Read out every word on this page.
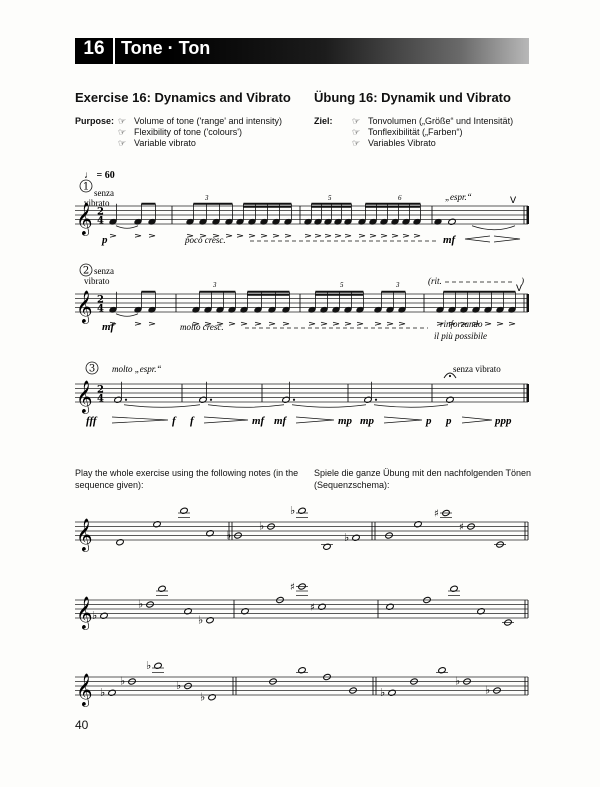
16 Tone · Ton
Exercise 16: Dynamics and Vibrato Übung 16: Dynamik und Vibrato
Purpose: ☞ Volume of tone ('range' and intensity)
☞ Flexibility of tone ('colours')
☞ Variable vibrato
Ziel: ☞ Tonvolumen („Größe“ und Intensität)
☞ Tonflexibilität („Farben“)
☞ Variables Vibrato
Play the whole exercise using the following notes (in the sequence given):
Spiele die ganze Übung mit den nachfolgenden Tönen (Sequenzschema):
♩ = 60
senza
vibrato	3	5	6	„espr.“
p	poco cresc.	mf
senza
vibrato	3	5	3	(rit.	)
mf	molto cresc.	rinforzando
il più possibile
molto „espr.“	senza vibrato
fff	f f	mf mf	mp mp	p p	ppp
1
𝄞 2
4
V
2
𝄞 2
4
V
3
𝄞 2
4
𝄞	♭
♭
♭
♭
♯
♯
𝄞 ♭
♭
♭
♯
♯
𝄞 ♭
♭
♭
♭
♭	♭
♭
♭
40
